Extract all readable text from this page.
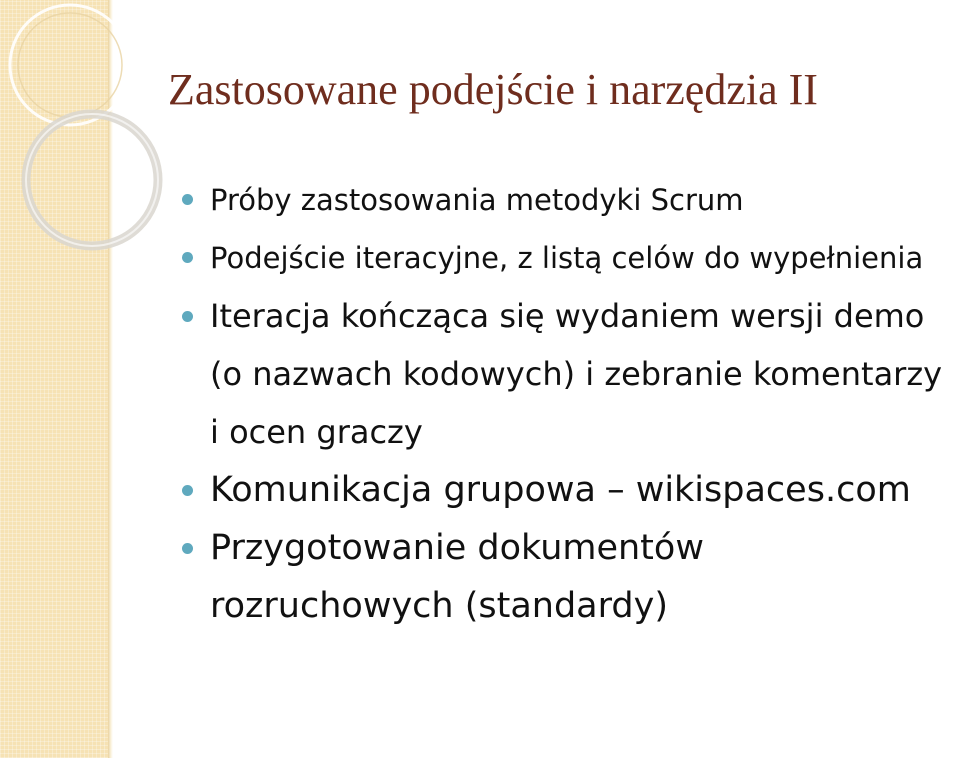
Zastosowane podejście i narzędzia II
Próby zastosowania metodyki Scrum
Podejście iteracyjne, z listą celów do wypełnienia
Iteracja kończąca się wydaniem wersji demo (o nazwach kodowych) i zebranie komentarzy i ocen graczy
Komunikacja grupowa – wikispaces.com
Przygotowanie dokumentów rozruchowych (standardy)
